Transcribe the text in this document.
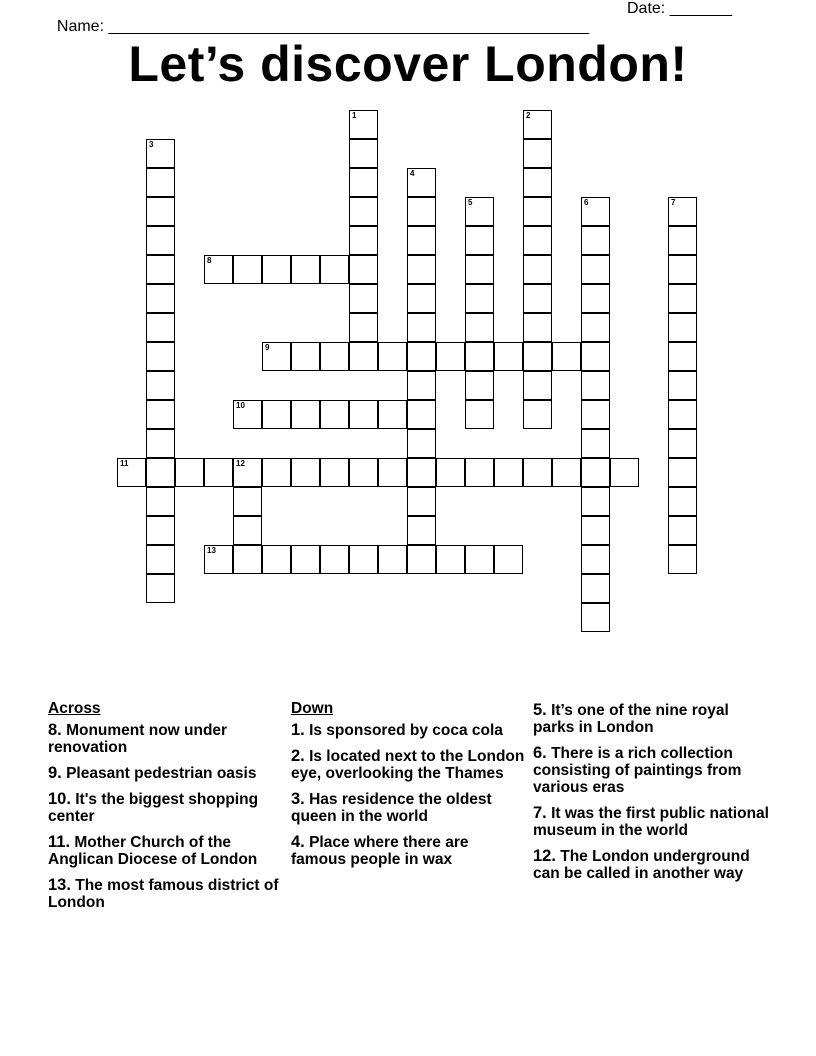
Name: ______________________________________________________

Date: _______

Let’s discover London!
1	2
3
4
5	6	7
8
9
10
11	12
13
Across
8. Monument now under renovation
9. Pleasant pedestrian oasis
10. It's the biggest shopping center
11. Mother Church of the Anglican Diocese of London
13. The most famous district of London
Down
1. Is sponsored by coca cola
2. Is located next to the London eye, overlooking the Thames
3. Has residence the oldest queen in the world
4. Place where there are famous people in wax
5. It’s one of the nine royal parks in London
6. There is a rich collection consisting of paintings from various eras
7. It was the first public national museum in the world
12. The London underground can be called in another way
